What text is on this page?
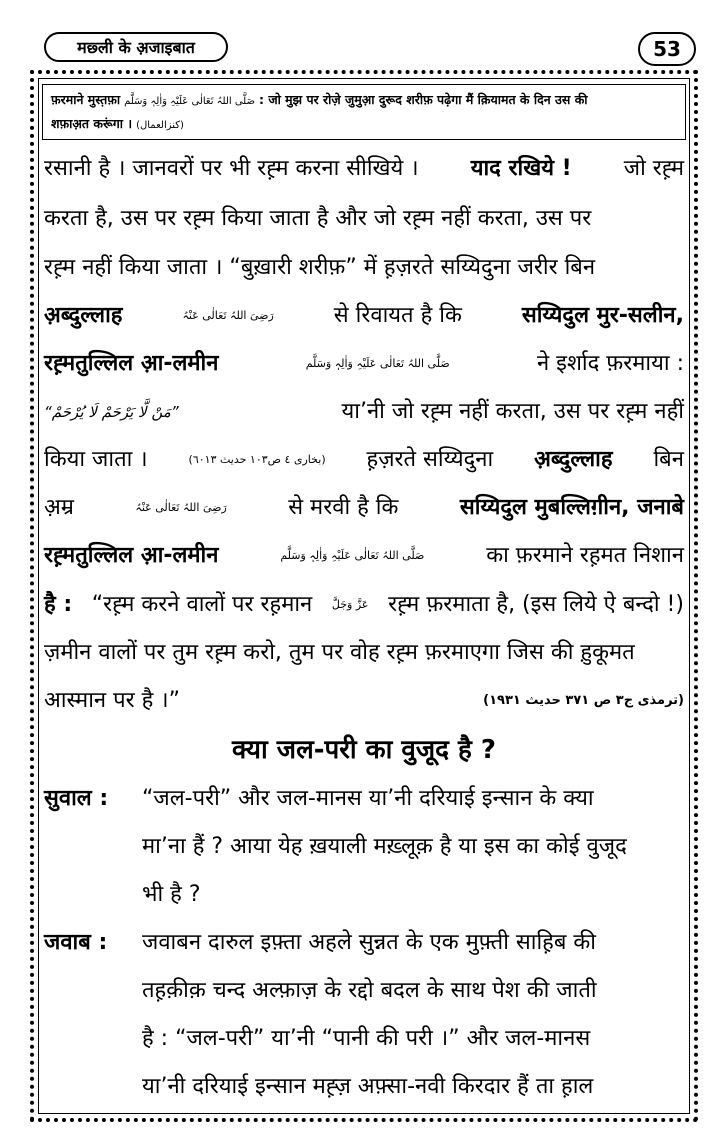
मछ्ली के अ़जाइबात	53
फ़रमाने मुस्त़फ़ा صَلَّی اللہُ تَعَالٰی عَلَیْہِ وَاٰلِہٖ وَسَلَّم : जो मुझ पर रोज़े जुमुआ़ दुरूद शरीफ़ पढ़ेगा मैं क़ियामत के दिन उस की
शफ़ाअ़त करूंगा । (کنزالعمال)
रसानी है । जानवरों पर भी रह़्म करना सीखिये । याद रखिये ! जो रह़्म
करता है, उस पर रह़्म किया जाता है और जो रह़्म नहीं करता, उस पर
रह़्म नहीं किया जाता । “बुख़ारी शरीफ़” में ह़ज़रते सय्यिदुना जरीर बिन
अ़ब्दुल्लाह	رَضِیَ اللہُ تَعَالٰی عَنْہُ	से रिवायत है कि	सय्यिदुल मुर-सलीन,
रह़्मतुल्लिल आ़-लमीन	صَلَّی اللہُ تَعَالٰی عَلَیْہِ وَاٰلِہٖ وَسَلَّم	ने इर्शाद फ़रमाया :
“مَنْ لَّا یَرْحَمْ لَا یُرْحَمْ”	या’नी जो रह़्म नहीं करता, उस पर रह़्म नहीं
किया जाता ।	(بخاری ٤ ص١٠٣ حدیث ٦٠١٣) ह़ज़रते सय्यिदुना अ़ब्दुल्लाह बिन
अ़म्र	رَضِیَ اللہُ تَعَالٰی عَنْہُ	से मरवी है कि	सय्यिदुल मुबल्लिग़ीन, जनाबे
रह़्मतुल्लिल आ़-लमीन	صَلَّی اللہُ تَعَالٰی عَلَیْہِ وَاٰلِہٖ وَسَلَّم	का फ़रमाने रह़मत निशान
है : “रह़्म करने वालों पर रह़मान عَزَّ وَجَلَّ रह़्म फ़रमाता है, (इस लिये ऐ बन्दो !)
ज़मीन वालों पर तुम रह़्म करो, तुम पर वोह रह़्म फ़रमाएगा जिस की ह़ुकूमत
आस्मान पर है ।”	(ترمذی ج٣ ص ٣٧١ حدیث ١٩٣١)
क्या जल-परी का वुजूद है ?
सुवाल : “जल-परी” और जल-मानस या’नी दरियाई इन्सान के क्या
मा’ना हैं ? आया येह ख़याली मख़्लूक़ है या इस का कोई वुजूद
भी है ?
जवाब : जवाबन दारुल इफ़्ता अहले सुन्नत के एक मुफ़्ती साह़िब की
तह़क़ीक़ चन्द अल्फ़ाज़ के रद्दो बदल के साथ पेश की जाती
है : “जल-परी” या’नी “पानी की परी ।” और जल-मानस
या’नी दरियाई इन्सान मह़्ज़ अफ़्सा-नवी किरदार हैं ता ह़ाल
